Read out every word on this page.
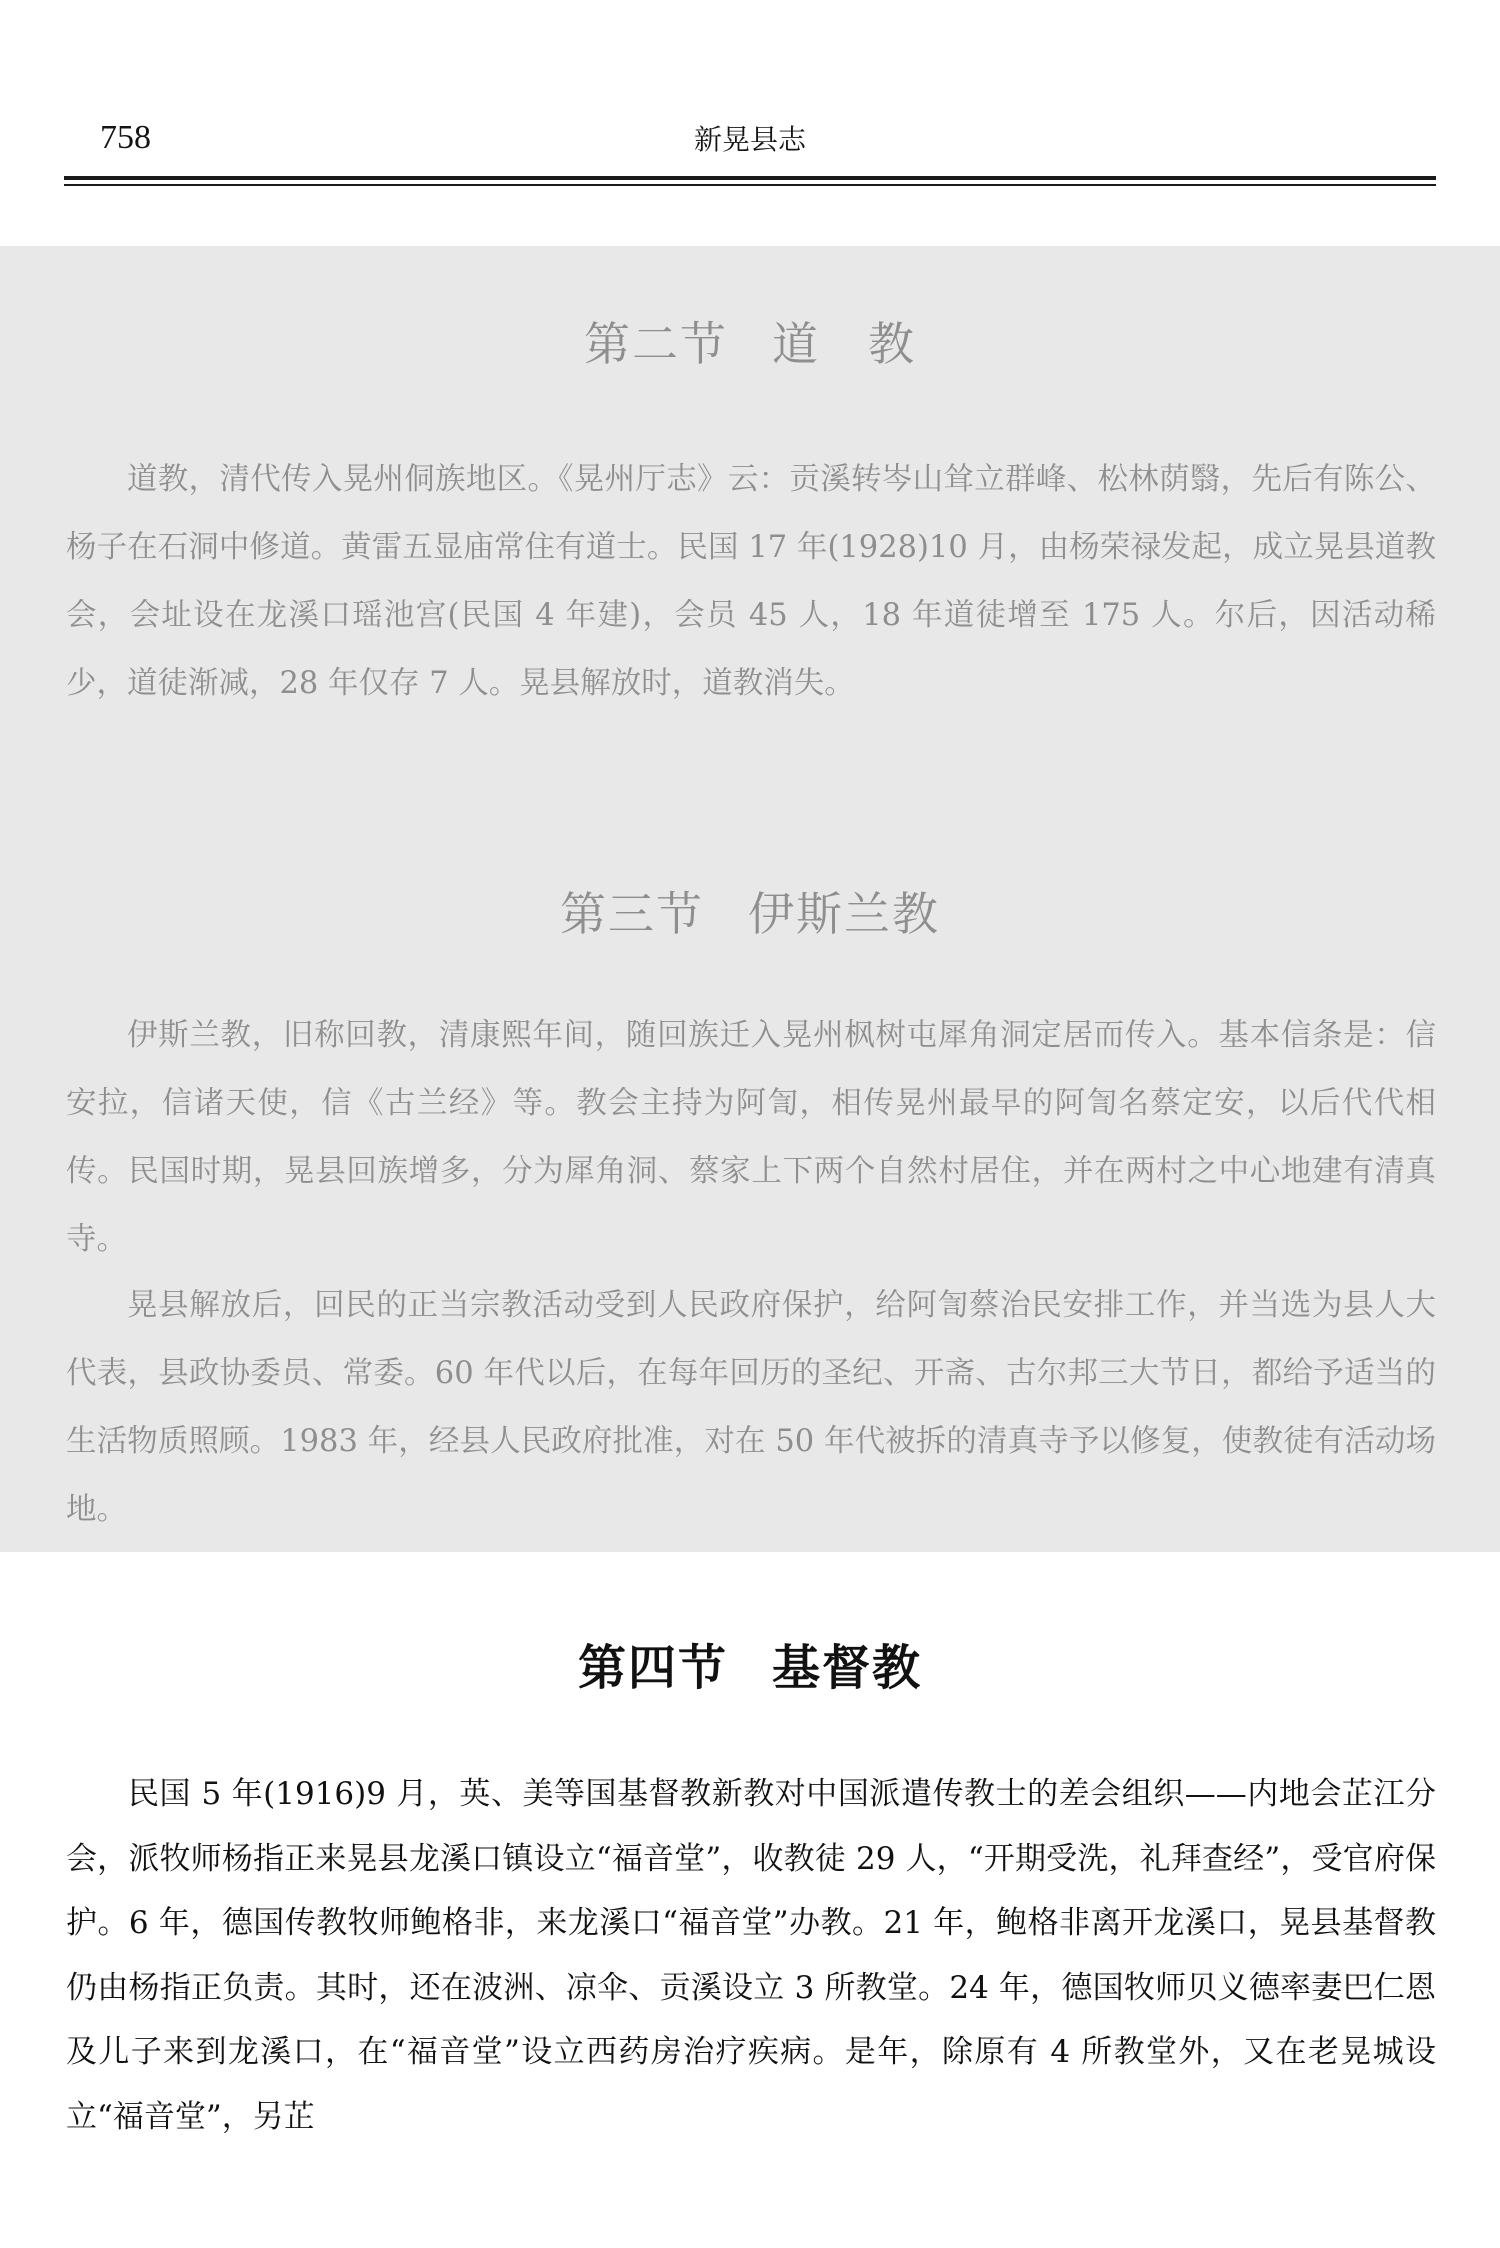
758	新晃县志
第二节 道　教

道教，清代传入晃州侗族地区。《晃州厅志》云：贡溪转岑山耸立群峰、松林荫翳，先后有陈公、杨子在石洞中修道。黄雷五显庙常住有道士。民国 17 年(1928)10 月，由杨荣禄发起，成立晃县道教会，会址设在龙溪口瑶池宫(民国 4 年建)，会员 45 人，18 年道徒增至 175 人。尔后，因活动稀少，道徒渐减，28 年仅存 7 人。晃县解放时，道教消失。

第三节 伊斯兰教

伊斯兰教，旧称回教，清康熙年间，随回族迁入晃州枫树屯犀角洞定居而传入。基本信条是：信安拉，信诸天使，信《古兰经》等。教会主持为阿訇，相传晃州最早的阿訇名蔡定安，以后代代相传。民国时期，晃县回族增多，分为犀角洞、蔡家上下两个自然村居住，并在两村之中心地建有清真寺。

晃县解放后，回民的正当宗教活动受到人民政府保护，给阿訇蔡治民安排工作，并当选为县人大代表，县政协委员、常委。60 年代以后，在每年回历的圣纪、开斋、古尔邦三大节日，都给予适当的生活物质照顾。1983 年，经县人民政府批准，对在 50 年代被拆的清真寺予以修复，使教徒有活动场地。

第四节 基督教

民国 5 年(1916)9 月，英、美等国基督教新教对中国派遣传教士的差会组织——内地会芷江分会，派牧师杨指正来晃县龙溪口镇设立“福音堂”，收教徒 29 人，“开期受洗，礼拜查经”，受官府保护。6 年，德国传教牧师鲍格非，来龙溪口“福音堂”办教。21 年，鲍格非离开龙溪口，晃县基督教仍由杨指正负责。其时，还在波洲、凉伞、贡溪设立 3 所教堂。24 年，德国牧师贝义德率妻巴仁恩及儿子来到龙溪口，在“福音堂”设立西药房治疗疾病。是年，除原有 4 所教堂外，又在老晃城设立“福音堂”，另芷
